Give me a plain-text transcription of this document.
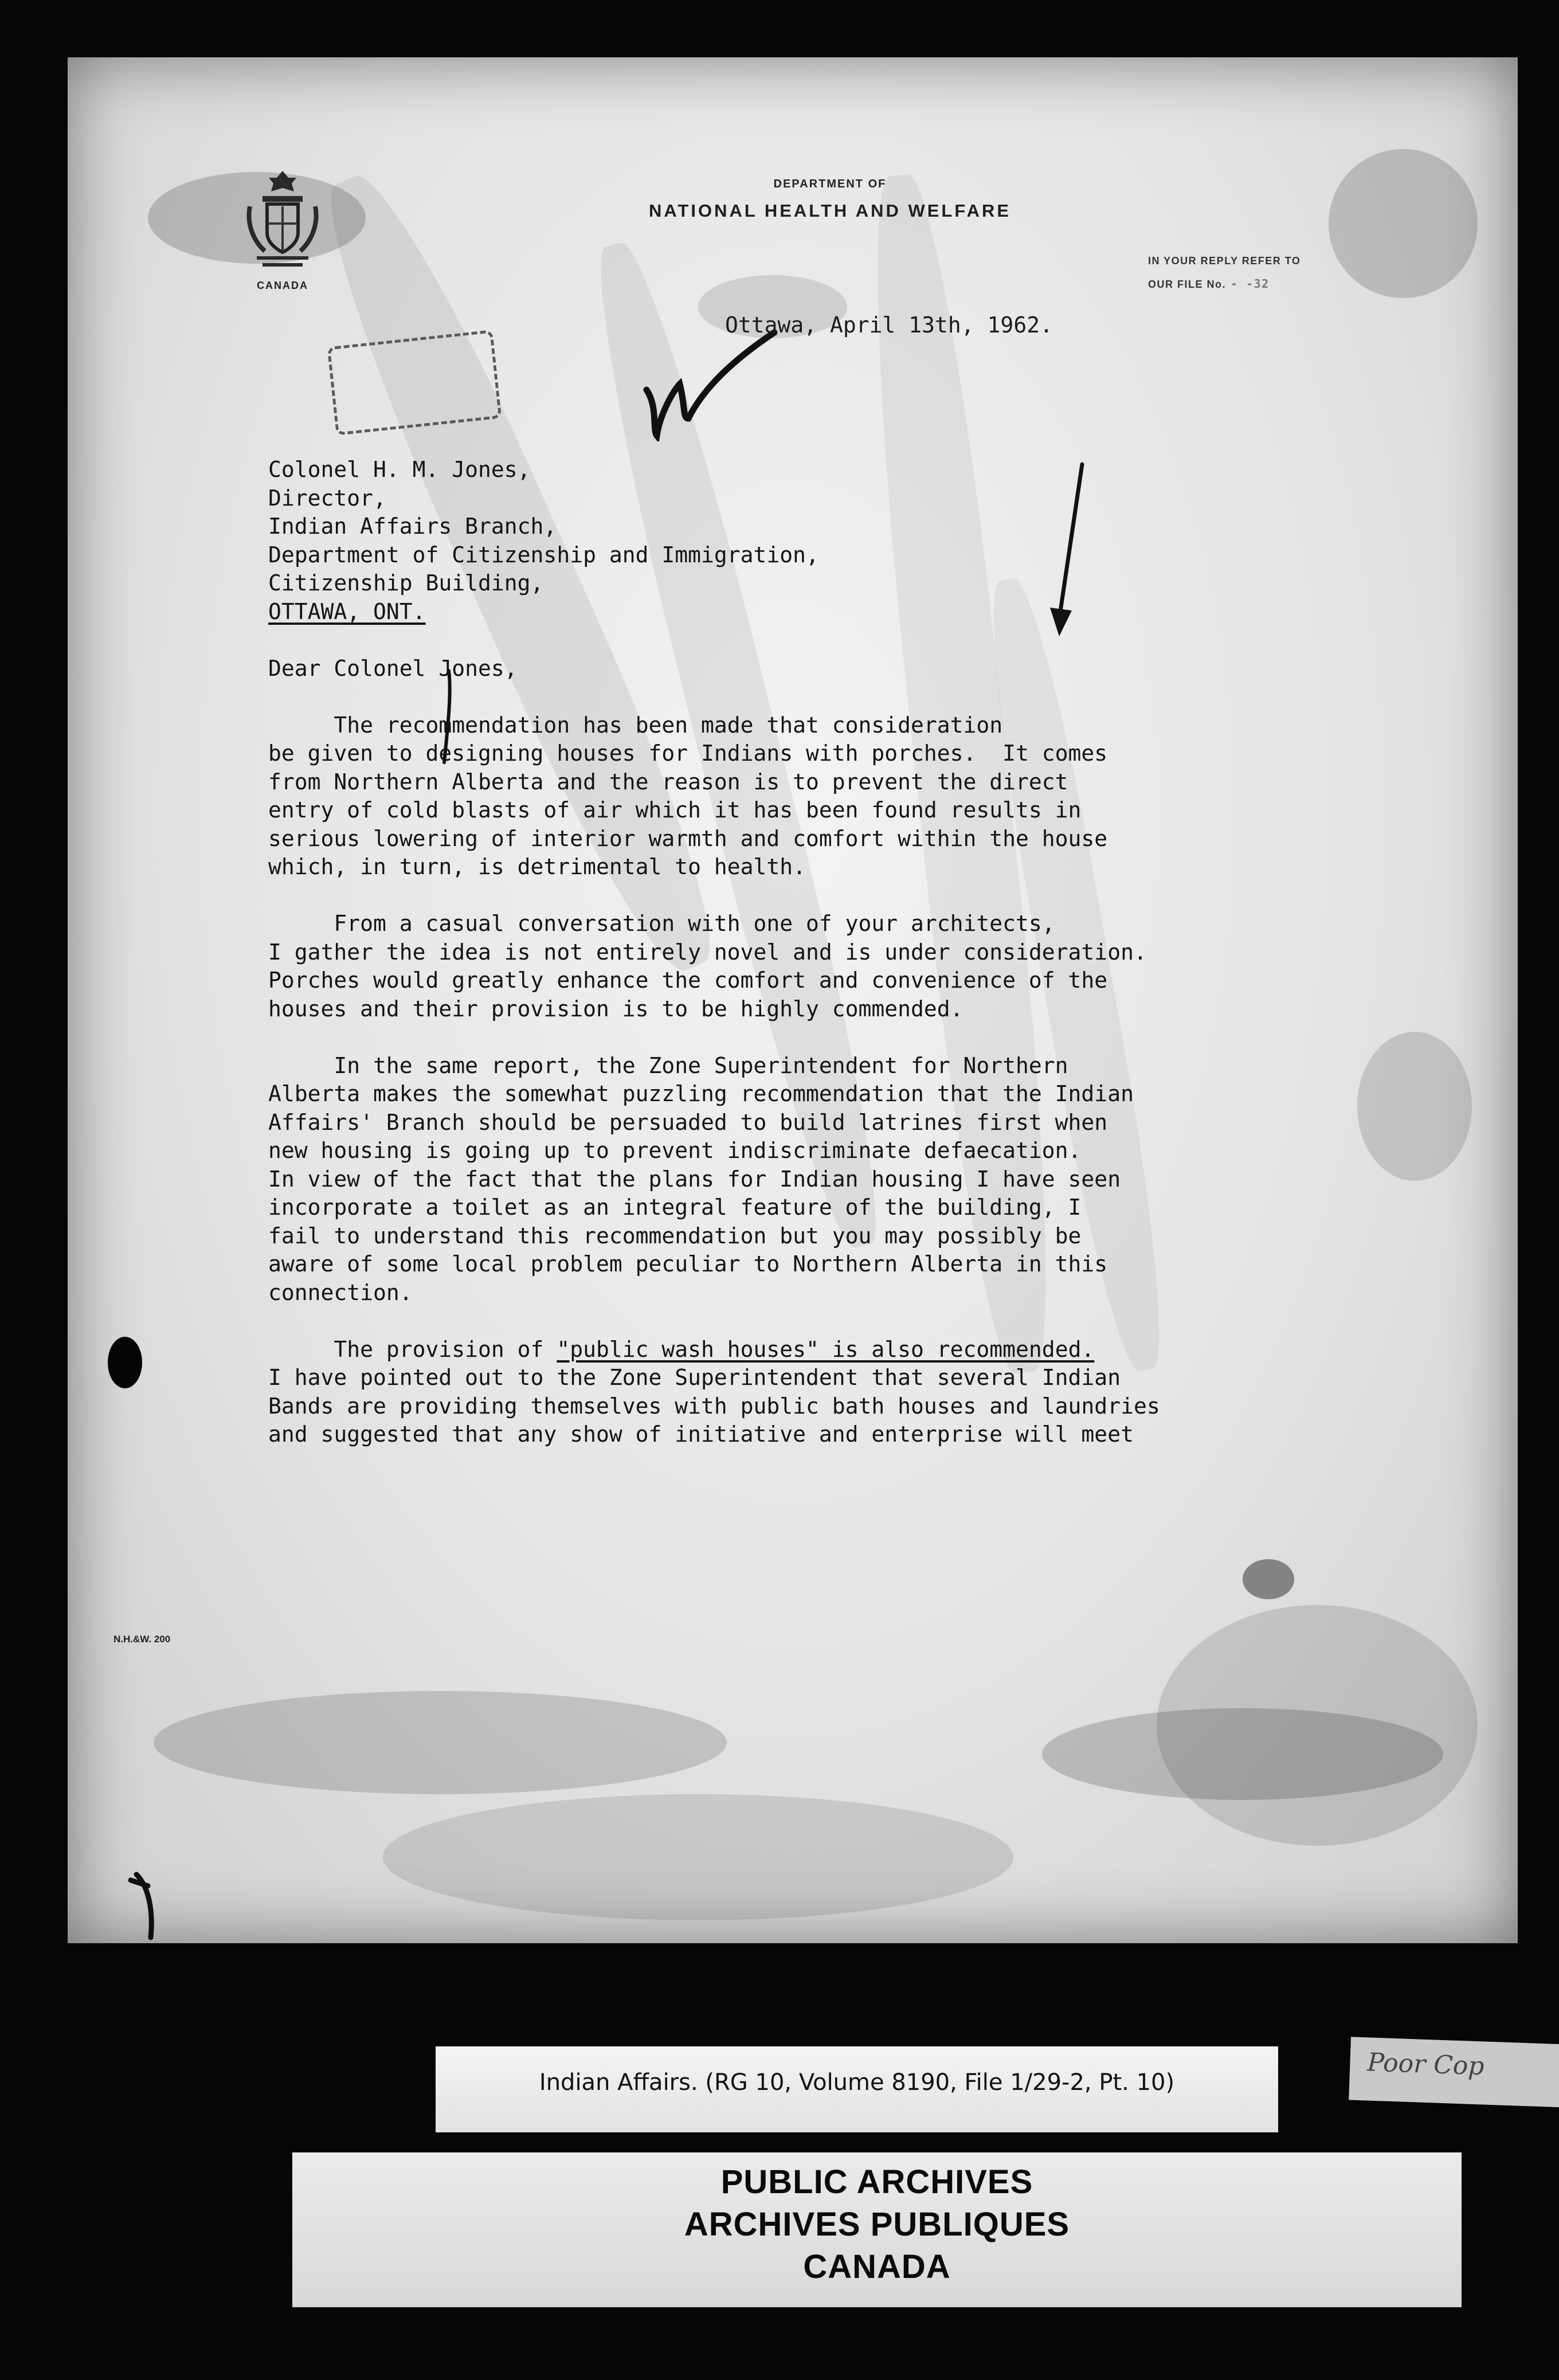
CANADA
DEPARTMENT OF
NATIONAL HEALTH AND WELFARE
IN YOUR REPLY REFER TO
OUR FILE No. - -32
N.H.&W. 200
Ottawa, April 13th, 1962.
Colonel H. M. Jones,
Director,
Indian Affairs Branch,
Department of Citizenship and Immigration,
Citizenship Building,
OTTAWA, ONT.
Dear Colonel Jones,
The recommendation has been made that consideration
be given to designing houses for Indians with porches.  It comes
from Northern Alberta and the reason is to prevent the direct
entry of cold blasts of air which it has been found results in
serious lowering of interior warmth and comfort within the house
which, in turn, is detrimental to health.
From a casual conversation with one of your architects,
I gather the idea is not entirely novel and is under consideration.
Porches would greatly enhance the comfort and convenience of the
houses and their provision is to be highly commended.
In the same report, the Zone Superintendent for Northern
Alberta makes the somewhat puzzling recommendation that the Indian
Affairs' Branch should be persuaded to build latrines first when
new housing is going up to prevent indiscriminate defaecation.
In view of the fact that the plans for Indian housing I have seen
incorporate a toilet as an integral feature of the building, I
fail to understand this recommendation but you may possibly be
aware of some local problem peculiar to Northern Alberta in this
connection.
The provision of "public wash houses" is also recommended.
I have pointed out to the Zone Superintendent that several Indian
Bands are providing themselves with public bath houses and laundries
and suggested that any show of initiative and enterprise will meet
Indian Affairs. (RG 10, Volume 8190, File 1/29-2, Pt. 10)
Poor Cop
PUBLIC ARCHIVES
ARCHIVES PUBLIQUES
CANADA
